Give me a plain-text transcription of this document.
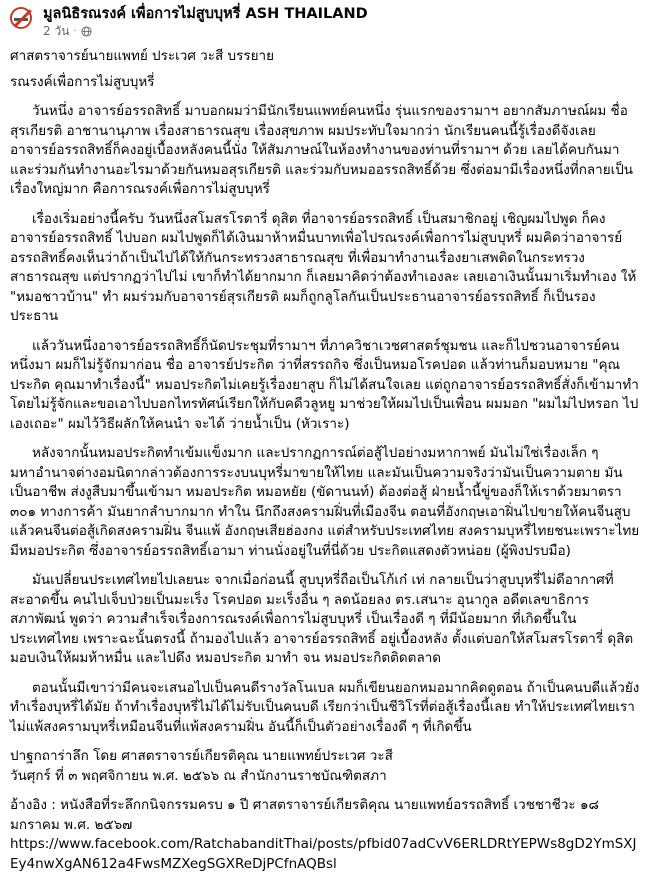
มูลนิธิรณรงค์ เพื่อการไม่สูบบุหรี่ ASH THAILAND
2 วัน ·

ศาสตราจารย์นายแพทย์ ประเวศ วะสี บรรยาย

รณรงค์เพื่อการไม่สูบบุหรี่

วันหนึ่ง อาจารย์อรรถสิทธิ์ มาบอกผมว่ามีนักเรียนแพทย์คนหนึ่ง รุ่นแรกของรามาฯ อยากสัมภาษณ์ผม ชื่อ สุรเกียรติ อาชานานุภาพ เรื่องสาธารณสุข เรื่องสุขภาพ ผมประทับใจมากว่า นักเรียนคนนี้รู้เรื่องดีจังเลย อาจารย์อรรถสิทธิ์ก็คงอยู่เบื้องหลังคนนี้นั่ง ให้สัมภาษณ์ในห้องทำงานของท่านที่รามาฯ ด้วย เลยได้คบกันมาและร่วมกันทำงานอะไรมาด้วยกันหมอสุรเกียรติ และร่วมกับหมออรรถสิทธิ์ด้วย ซึ่งต่อมามีเรื่องหนึ่งที่กลายเป็นเรื่องใหญ่มาก คือการณรงค์เพื่อการไม่สูบบุหรี่

เรื่องเริ่มอย่างนี้ครับ วันหนึ่งสโมสรโรตารี่ ดุสิต ที่อาจารย์อรรถสิทธิ์ เป็นสมาชิกอยู่ เชิญผมไปพูด ก็คง อาจารย์อรรถสิทธิ์ ไปบอก ผมไปพูดก็ได้เงินมาห้าหมื่นบาทเพื่อไปรณรงค์เพื่อการไม่สูบบุหรี่ ผมคิดว่าอาจารย์อรรถสิทธิ์คงเห็นว่าถ้าเป็นไปได้ให้กันกระทรวงสาธารณสุข ที่เพื่อมาทำงานเรื่องยาเสพติดในกระทรวงสาธารณสุข แต่ปรากฏว่าไปไม่ เขาก็ทำได้ยากมาก ก็เลยมาคิดว่าต้องทำเองละ เลยเอาเงินนั้นมาเริ่มทำเอง ให้ "หมอชาวบ้าน" ทำ ผมร่วมกับอาจารย์สุรเกียรติ ผมก็ถูกลูโลกันเป็นประธานอาจารย์อรรถสิทธิ์ ก็เป็นรองประธาน

แล้ววันหนึ่งอาจารย์อรรถสิทธิ์ก็นัดประชุมที่รามาฯ ที่ภาควิชาเวชศาสตร์ชุมชน และก็ไปชวนอาจารย์คนหนึ่งมา ผมก็ไม่รู้จักมาก่อน ชื่อ อาจารย์ประกิต ว่าที่สรรถกิจ ซึ่งเป็นหมอโรคปอด แล้วท่านก็มอบหมาย "คุณประกิต คุณมาทำเรื่องนี้" หมอประกิตไม่เคยรู้เรื่องยาสูบ ก็ไม่ได้สนใจเลย แต่ถูกอาจารย์อรรถสิทธิ์สั่งก็เข้ามาทำโดยไม่รู้จักและขอเอาไปบอกไทรทัศน์เรียกให้กับคดีวลูหยู มาช่วยให้ผมไปเป็นเพื่อน ผมมอก "ผมไม่ไปหรอก ไปเองเถอะ" ผมไว้วิธีผลักให้คนนำ จะได้ ว่ายน้ำเป็น (หัวเราะ)

หลังจากนั้นหมอประกิตทำเข้มแข็งมาก และปรากฏการณ์ต่อสู้ไปอย่างมหากาพย์ มันไม่ใช่เรื่องเล็ก ๆ มหาอำนาจต่างอมนิตากล่าวต้องการระงบนบุหรี่มาขายให้ไทย และมันเป็นความจริงว่ามันเป็นความตาย มันเป็นอาชีพ ส่งงูสืบมาขึ้นเข้ามา หมอประกิต หมอหยัย (ขัดานนท์) ต้องต่อสู้ ฝ่ายน้ำนี้ขู่ของก็ให้เราด้วยมาตรา ๓๐๑ ทางการค้า มันยากลำบากมาก ทำใน นึกถึงสงครามฝิ่นที่เมืองจีน ตอนที่อังกฤษเอาฝิ่นไปขายให้คนจีนสูบ แล้วคนจีนต่อสู้เกิดสงครามฝิ่น จีนแพ้ อังกฤษเสียฮ่องกง แต่สำหรับประเทศไทย สงครามบุหรี่ไทยชนะเพราะไทยมีหมอประกิต ซึ่งอาจารย์อรรถสิทธิ์เอามา ท่านนั่งอยู่ในที่นี่ด้วย ประกิตแสดงตัวหน่อย (ผู้พิงปรบมือ)

มันเปลี่ยนประเทศไทยไปเลยนะ จากเมื่อก่อนนี้ สูบบุหรี่ถือเป็นโก้เก๋ เท่ กลายเป็นว่าสูบบุหรี่ไม่ดีอากาศที่สะอาดขึ้น คนไปเจ็บป่วยเป็นมะเร็ง โรคปอด มะเร็งอื่น ๆ ลดน้อยลง ตร.เสนาะ อุนากูล อดีตเลขาธิการสภาพัฒน์ พูดว่า ความสำเร็จเรื่องการณรงค์เพื่อการไม่สูบบุหรี่ เป็นเรื่องดี ๆ ที่มีน้อยมาก ที่เกิดขึ้นในประเทศไทย เพราะฉะนั้นตรงนี้ ถ้ามองไปแล้ว อาจารย์อรรถสิทธิ์ อยู่เบื้องหลัง ตั้งแต่บอกให้สโมสรโรตารี่ ดุสิต มอบเงินให้ผมห้าหมื่น และไปดึง หมอประกิต มาทำ จน หมอประกิตติดตลาด

ตอนนั้นมีเขาว่ามีคนจะเสนอไปเป็นคนดีรางวัลโนเบล ผมก็เขียนยอกหมอมากคิดดูตอน ถ้าเป็นคนบดีแล้วยังทำเรื่องบุหรี่ได้มัย ถ้าทำเรื่องบุหรี่ไม่ได้ไม่รับเป็นคนบดี เรียกว่าเป็นชีวิโรที่ต่อสู้เรื่องนี้เลย ทำให้ประเทศไทยเราไม่แพ้สงครามบุหรี่เหมือนจีนที่แพ้สงครามฝิ่น อันนี้ก็เป็นตัวอย่างเรื่องดี ๆ ที่เกิดขึ้น

ปาฐกถาร่าลึก โดย ศาสตราจารย์เกียรติคุณ นายแพทย์ประเวศ วะสี

วันศุกร์ ที่ ๓ พฤศจิกายน พ.ศ. ๒๕๖๖ ณ สำนักงานราชบัณฑิตสภา

อ้างอิง : หนังสือที่ระลึกกนิจกรรมครบ ๑ ปี ศาสตราจารย์เกียรติคุณ นายแพทย์อรรถสิทธิ์ เวชชาชีวะ ๑๘ มกราคม พ.ศ. ๒๕๖๗

https://www.facebook.com/RatchabanditThai/posts/pfbid07adCvV6ERLDRtYEPWs8gD2YmSXJEy4nwXgAN612a4FwsMZXegSGXReDjPCfnAQBsl
